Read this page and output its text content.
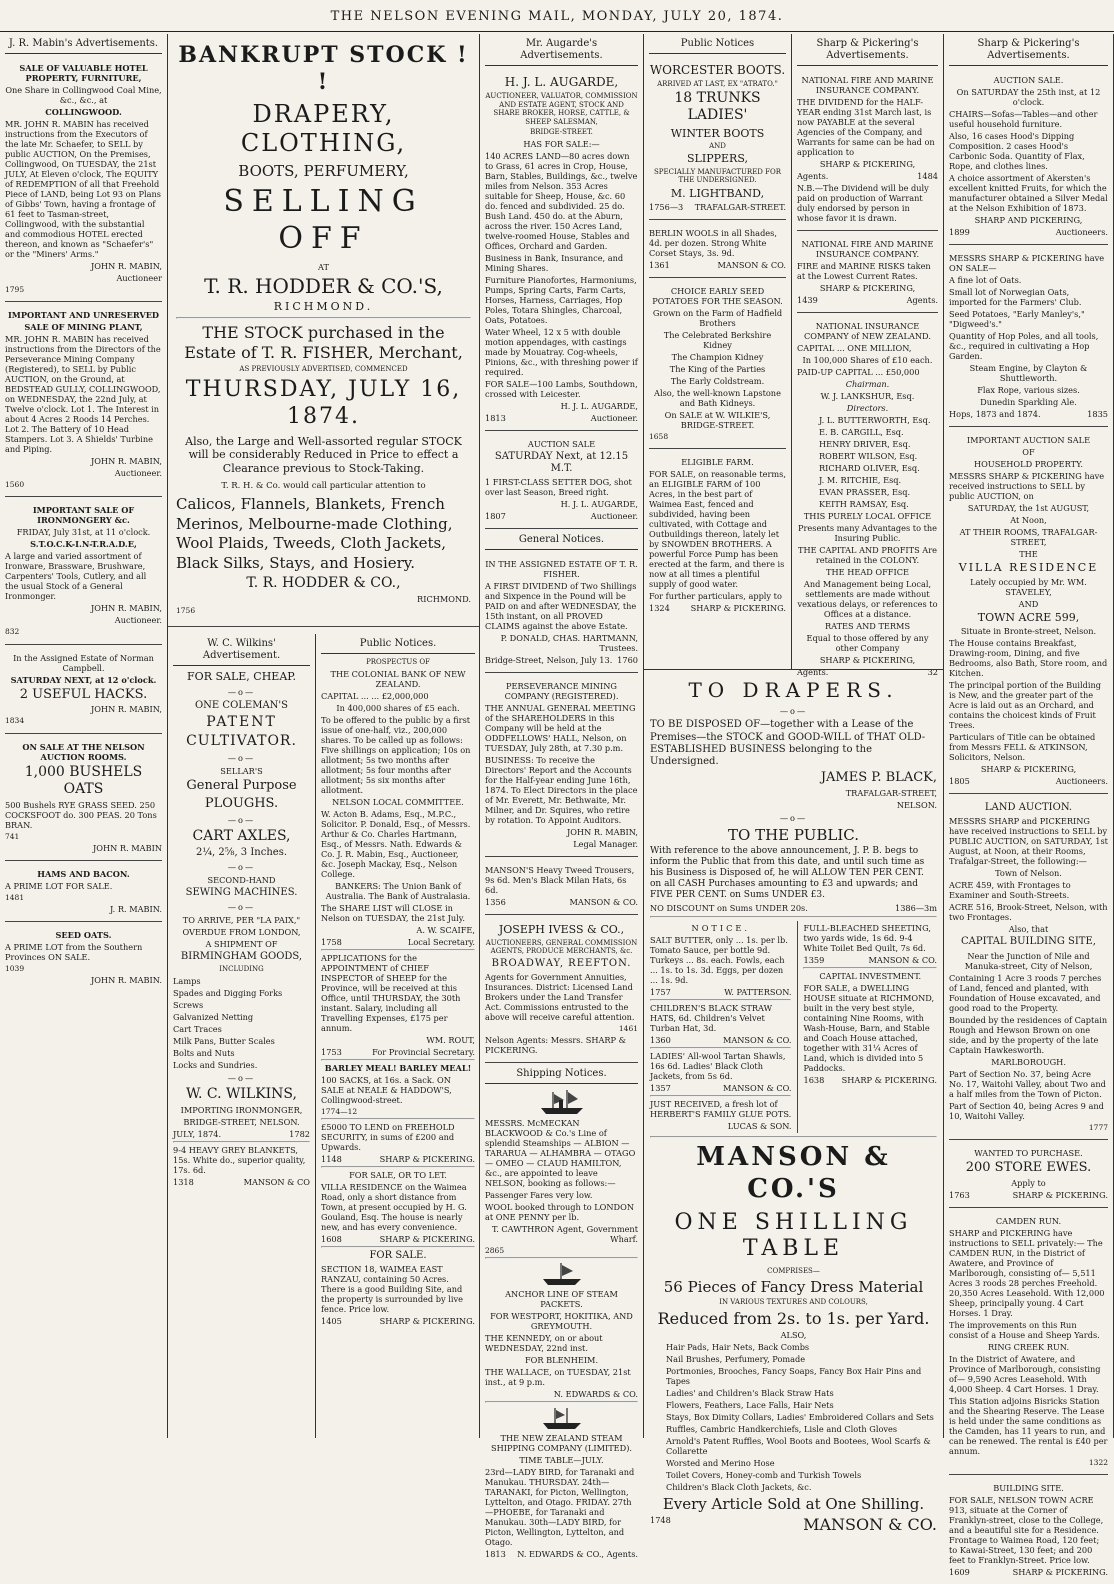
THE NELSON EVENING MAIL, MONDAY, JULY 20, 1874.
J. R. Mabin's Advertisements.

SALE OF VALUABLE HOTEL PROPERTY, FURNITURE,

One Share in Collingwood Coal Mine, &c., &c., at

COLLINGWOOD.

MR. JOHN R. MABIN has received instructions from the Executors of the late Mr. Schaefer, to SELL by public AUCTION, On the Premises, Collingwood, On TUESDAY, the 21st JULY, At Eleven o'clock, The EQUITY of REDEMPTION of all that Freehold Piece of LAND, being Lot 93 on Plans of Gibbs' Town, having a frontage of 61 feet to Tasman-street, Collingwood, with the substantial and commodious HOTEL erected thereon, and known as "Schaefer's" or the "Miners' Arms."

JOHN R. MABIN,

Auctioneer

1795

IMPORTANT AND UNRESERVED

SALE OF MINING PLANT,

MR. JOHN R. MABIN has received instructions from the Directors of the Perseverance Mining Company (Registered), to SELL by Public AUCTION, on the Ground, at BEDSTEAD GULLY, COLLINGWOOD, on WEDNESDAY, the 22nd July, at Twelve o'clock. Lot 1. The Interest in about 4 Acres 2 Roods 14 Perches. Lot 2. The Battery of 10 Head Stampers. Lot 3. A Shields' Turbine and Piping.

JOHN R. MABIN,

Auctioneer.

1560

IMPORTANT SALE OF IRONMONGERY &c.

FRIDAY, July 31st, at 11 o'clock.

S.T.O.C.K-I.N-T.R.A.D.E,

A large and varied assortment of Ironware, Brassware, Brushware, Carpenters' Tools, Cutlery, and all the usual Stock of a General Ironmonger.

JOHN R. MABIN,

Auctioneer.

832

In the Assigned Estate of Norman Campbell.

SATURDAY NEXT, at 12 o'clock.

2 USEFUL HACKS.

JOHN R. MABIN,

1834

ON SALE AT THE NELSON AUCTION ROOMS.

1,000 BUSHELS OATS

500 Bushels RYE GRASS SEED. 250 COCKSFOOT do. 300 PEAS. 20 Tons BRAN.

741

JOHN R. MABIN

HAMS AND BACON.

A PRIME LOT FOR SALE.

1481

J. R. MABIN.

SEED OATS.

A PRIME LOT from the Southern Provinces ON SALE.

1039

JOHN R. MABIN.

BANKRUPT STOCK ! !

DRAPERY, CLOTHING,

BOOTS, PERFUMERY,

SELLING OFF

AT

T. R. HODDER & CO.'S,

RICHMOND.

THE STOCK purchased in the Estate of T. R. FISHER, Merchant,

AS PREVIOUSLY ADVERTISED, COMMENCED

THURSDAY, JULY 16, 1874.

Also, the Large and Well-assorted regular STOCK will be considerably Reduced in Price to effect a Clearance previous to Stock-Taking.

T. R. H. & Co. would call particular attention to

Calicos, Flannels, Blankets, French Merinos, Melbourne-made Clothing, Wool Plaids, Tweeds, Cloth Jackets, Black Silks, Stays, and Hosiery.

T. R. HODDER & CO.,

RICHMOND.

1756

W. C. Wilkins' Advertisement.

FOR SALE, CHEAP.

—o—

ONE COLEMAN'S

PATENT

CULTIVATOR.

—o—

SELLAR'S

General Purpose

PLOUGHS.

—o—

CART AXLES,

2¼, 2⅝, 3 Inches.

—o—

SECOND-HAND

SEWING MACHINES.

—o—

TO ARRIVE, PER "LA PAIX,"

OVERDUE FROM LONDON,

A SHIPMENT OF

BIRMINGHAM GOODS,

INCLUDING

Lamps

Spades and Digging Forks

Screws

Galvanized Netting

Cart Traces

Milk Pans, Butter Scales

Bolts and Nuts

Locks and Sundries.

—o—

W. C. WILKINS,

IMPORTING IRONMONGER,

BRIDGE-STREET, NELSON.

JULY, 1874.	1782

9-4 HEAVY GREY BLANKETS, 15s. White do., superior quality, 17s. 6d.

1318	MANSON & CO

Public Notices.

PROSPECTUS OF

THE COLONIAL BANK OF NEW ZEALAND.

CAPITAL ... ... £2,000,000

In 400,000 shares of £5 each.

To be offered to the public by a first issue of one-half, viz., 200,000 shares. To be called up as follows: Five shillings on application; 10s on allotment; 5s two months after allotment; 5s four months after allotment; 5s six months after allotment.

NELSON LOCAL COMMITTEE.

W. Acton B. Adams, Esq., M.P.C., Solicitor. P. Donald, Esq., of Messrs. Arthur & Co. Charles Hartmann, Esq., of Messrs. Nath. Edwards & Co. J. R. Mabin, Esq., Auctioneer, &c. Joseph Mackay, Esq., Nelson College.

BANKERS: The Union Bank of Australia. The Bank of Australasia.

The SHARE LIST will CLOSE in Nelson on TUESDAY, the 21st July.

A. W. SCAIFE,

1758	Local Secretary.

APPLICATIONS for the APPOINTMENT of CHIEF INSPECTOR of SHEEP for the Province, will be received at this Office, until THURSDAY, the 30th instant. Salary, including all Travelling Expenses, £175 per annum.

WM. ROUT,

1753	For Provincial Secretary.

BARLEY MEAL! BARLEY MEAL!

100 SACKS, at 16s. a Sack. ON SALE at NEALE & HADDOW'S, Collingwood-street.

1774—12

£5000 TO LEND on FREEHOLD SECURITY, in sums of £200 and Upwards.

1148	SHARP & PICKERING.

FOR SALE, OR TO LET.

VILLA RESIDENCE on the Waimea Road, only a short distance from Town, at present occupied by H. G. Gouland, Esq. The house is nearly new, and has every convenience.

1608	SHARP & PICKERING.

FOR SALE.

SECTION 18, WAIMEA EAST RANZAU, containing 50 Acres. There is a good Building Site, and the property is surrounded by live fence. Price low.

1405	SHARP & PICKERING.

Mr. Augarde's Advertisements.

H. J. L. AUGARDE,

AUCTIONEER, VALUATOR, COMMISSION AND ESTATE AGENT, STOCK AND SHARE BROKER, HORSE, CATTLE, & SHEEP SALESMAN,

BRIDGE-STREET.

HAS FOR SALE:—

140 ACRES LAND—80 acres down to Grass, 61 acres in Crop, House, Barn, Stables, Buildings, &c., twelve miles from Nelson. 353 Acres suitable for Sheep, House, &c. 60 do. fenced and subdivided. 25 do. Bush Land. 450 do. at the Aburn, across the river. 150 Acres Land, twelve-roomed House, Stables and Offices, Orchard and Garden.

Business in Bank, Insurance, and Mining Shares.

Furniture Pianofortes, Harmoniums, Pumps, Spring Carts, Farm Carts, Horses, Harness, Carriages, Hop Poles, Totara Shingles, Charcoal, Oats, Potatoes.

Water Wheel, 12 x 5 with double motion appendages, with castings made by Mouatray. Cog-wheels, Pinions, &c., with threshing power if required.

FOR SALE—100 Lambs, Southdown, crossed with Leicester.

H. J. L. AUGARDE,

1813	Auctioneer.

AUCTION SALE

SATURDAY Next, at 12.15 M.T.

1 FIRST-CLASS SETTER DOG, shot over last Season, Breed right.

H. J. L. AUGARDE,

1807	Auctioneer.

General Notices.

IN THE ASSIGNED ESTATE OF T. R. FISHER.

A FIRST DIVIDEND of Two Shillings and Sixpence in the Pound will be PAID on and after WEDNESDAY, the 15th instant, on all PROVED CLAIMS against the above Estate.

P. DONALD, CHAS. HARTMANN, Trustees.

Bridge-Street, Nelson, July 13. 1760

PERSEVERANCE MINING COMPANY (REGISTERED).

THE ANNUAL GENERAL MEETING of the SHAREHOLDERS in this Company will be held at the ODDFELLOWS' HALL, Nelson, on TUESDAY, July 28th, at 7.30 p.m.

BUSINESS: To receive the Directors' Report and the Accounts for the Half-year ending June 16th, 1874. To Elect Directors in the place of Mr. Everett, Mr. Bethwaite, Mr. Milner, and Dr. Squires, who retire by rotation. To Appoint Auditors.

JOHN R. MABIN,

Legal Manager.

MANSON'S Heavy Tweed Trousers, 9s 6d. Men's Black Milan Hats, 6s 6d.

1356	MANSON & CO.

JOSEPH IVESS & CO.,

AUCTIONEERS, GENERAL COMMISSION AGENTS, PRODUCE MERCHANTS, &c.

BROADWAY, REEFTON.

Agents for Government Annuities, Insurances. District: Licensed Land Brokers under the Land Transfer Act. Commissions entrusted to the above will receive careful attention.

1461

Nelson Agents: Messrs. SHARP & PICKERING.

Shipping Notices.

MESSRS. McMECKAN BLACKWOOD & Co.'s Line of splendid Steamships — ALBION — TARARUA — ALHAMBRA — OTAGO — OMEO — CLAUD HAMILTON, &c., are appointed to leave NELSON, booking as follows:—

Passenger Fares very low.

WOOL booked through to LONDON at ONE PENNY per lb.

T. CAWTHRON Agent, Government Wharf.

2865

ANCHOR LINE OF STEAM PACKETS.

FOR WESTPORT, HOKITIKA, AND GREYMOUTH.

THE KENNEDY, on or about WEDNESDAY, 22nd inst.

FOR BLENHEIM.

THE WALLACE, on TUESDAY, 21st inst., at 9 p.m.

N. EDWARDS & CO.

THE NEW ZEALAND STEAM SHIPPING COMPANY (LIMITED).

TIME TABLE—JULY.

23rd—LADY BIRD, for Taranaki and Manukau. THURSDAY. 24th—TARANAKI, for Picton, Wellington, Lyttelton, and Otago. FRIDAY. 27th—PHOEBE, for Taranaki and Manukau. 30th—LADY BIRD, for Picton, Wellington, Lyttelton, and Otago.

1813 N. EDWARDS & CO., Agents.

Public Notices

WORCESTER BOOTS.

ARRIVED AT LAST, EX "ATRATO."

18 TRUNKS LADIES'

WINTER BOOTS

AND

SLIPPERS,

SPECIALLY MANUFACTURED FOR THE UNDERSIGNED.

M. LIGHTBAND,

1756—3 TRAFALGAR-STREET.

BERLIN WOOLS in all Shades, 4d. per dozen. Strong White Corset Stays, 3s. 9d.

1361	MANSON & CO.

CHOICE EARLY SEED POTATOES FOR THE SEASON.

Grown on the Farm of Hadfield Brothers

The Celebrated Berkshire Kidney

The Champion Kidney

The King of the Parties

The Early Coldstream.

Also, the well-known Lapstone and Bath Kidneys.

On SALE at W. WILKIE'S, BRIDGE-STREET.

1658

ELIGIBLE FARM.

FOR SALE, on reasonable terms, an ELIGIBLE FARM of 100 Acres, in the best part of Waimea East, fenced and subdivided, having been cultivated, with Cottage and Outbuildings thereon, lately let by SNOWDEN BROTHERS. A powerful Force Pump has been erected at the farm, and there is now at all times a plentiful supply of good water.

For further particulars, apply to

1324	SHARP & PICKERING.

Sharp & Pickering's Advertisements.

NATIONAL FIRE AND MARINE INSURANCE COMPANY.

THE DIVIDEND for the HALF-YEAR ending 31st March last, is now PAYABLE at the several Agencies of the Company, and Warrants for same can be had on application to

SHARP & PICKERING,

Agents.	1484

N.B.—The Dividend will be duly paid on production of Warrant duly endorsed by person in whose favor it is drawn.

NATIONAL FIRE AND MARINE INSURANCE COMPANY.

FIRE and MARINE RISKS taken at the Lowest Current Rates.

SHARP & PICKERING,

1439	Agents.

NATIONAL INSURANCE COMPANY of NEW ZEALAND.

CAPITAL ... ONE MILLION,

In 100,000 Shares of £10 each.

PAID-UP CAPITAL ... £50,000

Chairman.

W. J. LANKSHUR, Esq.

Directors.

J. L. BUTTERWORTH, Esq.

E. B. CARGILL, Esq.

HENRY DRIVER, Esq.

ROBERT WILSON, Esq.

RICHARD OLIVER, Esq.

J. M. RITCHIE, Esq.

EVAN PRASSER, Esq.

KEITH RAMSAY, Esq.

THIS PURELY LOCAL OFFICE

Presents many Advantages to the Insuring Public.

THE CAPITAL AND PROFITS Are retained in the COLONY.

THE HEAD OFFICE

And Management being Local, settlements are made without vexatious delays, or references to Offices at a distance.

RATES AND TERMS

Equal to those offered by any other Company

SHARP & PICKERING,

Agents.	32

TO DRAPERS.

—o—

TO BE DISPOSED OF—together with a Lease of the Premises—the STOCK and GOOD-WILL of THAT OLD-ESTABLISHED BUSINESS belonging to the Undersigned.

JAMES P. BLACK,

TRAFALGAR-STREET,

NELSON.

—o—

TO THE PUBLIC.

With reference to the above announcement, J. P. B. begs to inform the Public that from this date, and until such time as his Business is Disposed of, he will ALLOW TEN PER CENT. on all CASH Purchases amounting to £3 and upwards; and FIVE PER CENT. on Sums UNDER £3.

NO DISCOUNT on Sums UNDER 20s.	1386—3m

NOTICE.

SALT BUTTER, only ... 1s. per lb. Tomato Sauce, per bottle 9d. Turkeys ... 8s. each. Fowls, each ... 1s. to 1s. 3d. Eggs, per dozen ... 1s. 9d.

1757	W. PATTERSON.

CHILDREN'S BLACK STRAW HATS, 6d. Children's Velvet Turban Hat, 3d.

1360	MANSON & CO.

LADIES' All-wool Tartan Shawls, 16s 6d. Ladies' Black Cloth Jackets, from 5s 6d.

1357	MANSON & CO.

JUST RECEIVED, a fresh lot of HERBERT'S FAMILY GLUE POTS.

LUCAS & SON.

FULL-BLEACHED SHEETING, two yards wide, 1s 6d. 9-4 White Toilet Bed Quilt, 7s 6d.

1359	MANSON & CO.

CAPITAL INVESTMENT.

FOR SALE, a DWELLING HOUSE situate at RICHMOND, built in the very best style, containing Nine Rooms, with Wash-House, Barn, and Stable and Coach House attached, together with 31¼ Acres of Land, which is divided into 5 Paddocks.

1638 SHARP & PICKERING.

MANSON & CO.'S

ONE SHILLING TABLE

COMPRISES—

56 Pieces of Fancy Dress Material

IN VARIOUS TEXTURES AND COLOURS,

Reduced from 2s. to 1s. per Yard.

ALSO,

Hair Pads, Hair Nets, Back Combs

Nail Brushes, Perfumery, Pomade

Portmonies, Brooches, Fancy Soaps, Fancy Box Hair Pins and Tapes

Ladies' and Children's Black Straw Hats

Flowers, Feathers, Lace Falls, Hair Nets

Stays, Box Dimity Collars, Ladies' Embroidered Collars and Sets

Ruffles, Cambric Handkerchiefs, Lisle and Cloth Gloves

Arnold's Patent Ruffles, Wool Boots and Bootees, Wool Scarfs & Collarette

Worsted and Merino Hose

Toilet Covers, Honey-comb and Turkish Towels

Children's Black Cloth Jackets, &c.

Every Article Sold at One Shilling.

1748	MANSON & CO.

Sharp & Pickering's Advertisements.

AUCTION SALE.

On SATURDAY the 25th inst, at 12 o'clock.

CHAIRS—Sofas—Tables—and other useful household furniture.

Also, 16 cases Hood's Dipping Composition. 2 cases Hood's Carbonic Soda. Quantity of Flax, Rope, and clothes lines.

A choice assortment of Akersten's excellent knitted Fruits, for which the manufacturer obtained a Silver Medal at the Nelson Exhibition of 1873.

SHARP AND PICKERING,

1899	Auctioneers.

MESSRS SHARP & PICKERING have ON SALE—

A fine lot of Oats.

Small lot of Norwegian Oats, imported for the Farmers' Club.

Seed Potatoes, "Early Manley's," "Digweed's."

Quantity of Hop Poles, and all tools, &c., required in cultivating a Hop Garden.

Steam Engine, by Clayton & Shuttleworth.

Flax Rope, various sizes.

Dunedin Sparkling Ale.

Hops, 1873 and 1874.	1835

IMPORTANT AUCTION SALE

OF

HOUSEHOLD PROPERTY.

MESSRS SHARP & PICKERING have received instructions to SELL by public AUCTION, on

SATURDAY, the 1st AUGUST,

At Noon,

AT THEIR ROOMS, TRAFALGAR-STREET,

THE

VILLA RESIDENCE

Lately occupied by Mr. WM. STAVELEY,

AND

TOWN ACRE 599,

Situate in Bronte-street, Nelson.

The House contains Breakfast, Drawing-room, Dining, and five Bedrooms, also Bath, Store room, and Kitchen.

The principal portion of the Building is New, and the greater part of the Acre is laid out as an Orchard, and contains the choicest kinds of Fruit Trees.

Particulars of Title can be obtained from Messrs FELL & ATKINSON, Solicitors, Nelson.

SHARP & PICKERING,

1805	Auctioneers.

LAND AUCTION.

MESSRS SHARP and PICKERING have received instructions to SELL by PUBLIC AUCTION, on SATURDAY, 1st August, at Noon, at their Rooms, Trafalgar-Street, the following:—

Town of Nelson.

ACRE 459, with Frontages to Examiner and South-Streets.

ACRE 516, Brook-Street, Nelson, with two Frontages.

Also, that

CAPITAL BUILDING SITE,

Near the Junction of Nile and Manuka-street, City of Nelson,

Containing 1 Acre 3 roods 7 perches of Land, fenced and planted, with Foundation of House excavated, and good road to the Property.

Bounded by the residences of Captain Rough and Hewson Brown on one side, and by the property of the late Captain Hawkesworth.

MARLBOROUGH.

Part of Section No. 37, being Acre No. 17, Waitohi Valley, about Two and a half miles from the Town of Picton.

Part of Section 40, being Acres 9 and 10, Waitohi Valley.

1777

WANTED TO PURCHASE.

200 STORE EWES.

Apply to

1763	SHARP & PICKERING.

CAMDEN RUN.

SHARP and PICKERING have instructions to SELL privately:— The CAMDEN RUN, in the District of Awatere, and Province of Marlborough, consisting of— 5,511 Acres 3 roods 28 perches Freehold. 20,350 Acres Leasehold. With 12,000 Sheep, principally young. 4 Cart Horses. 1 Dray.

The improvements on this Run consist of a House and Sheep Yards.

RING CREEK RUN.

In the District of Awatere, and Province of Marlborough, consisting of— 9,590 Acres Leasehold. With 4,000 Sheep. 4 Cart Horses. 1 Dray.

This Station adjoins Bisricks Station and the Shearing Reserve. The Lease is held under the same conditions as the Camden, has 11 years to run, and can be renewed. The rental is £40 per annum.

1322

BUILDING SITE.

FOR SALE, NELSON TOWN ACRE 913, situate at the Corner of Franklyn-street, close to the College, and a beautiful site for a Residence. Frontage to Waimea Road, 120 feet; to Kawai-Street, 130 feet; and 200 feet to Franklyn-Street. Price low.

1609	SHARP & PICKERING.
